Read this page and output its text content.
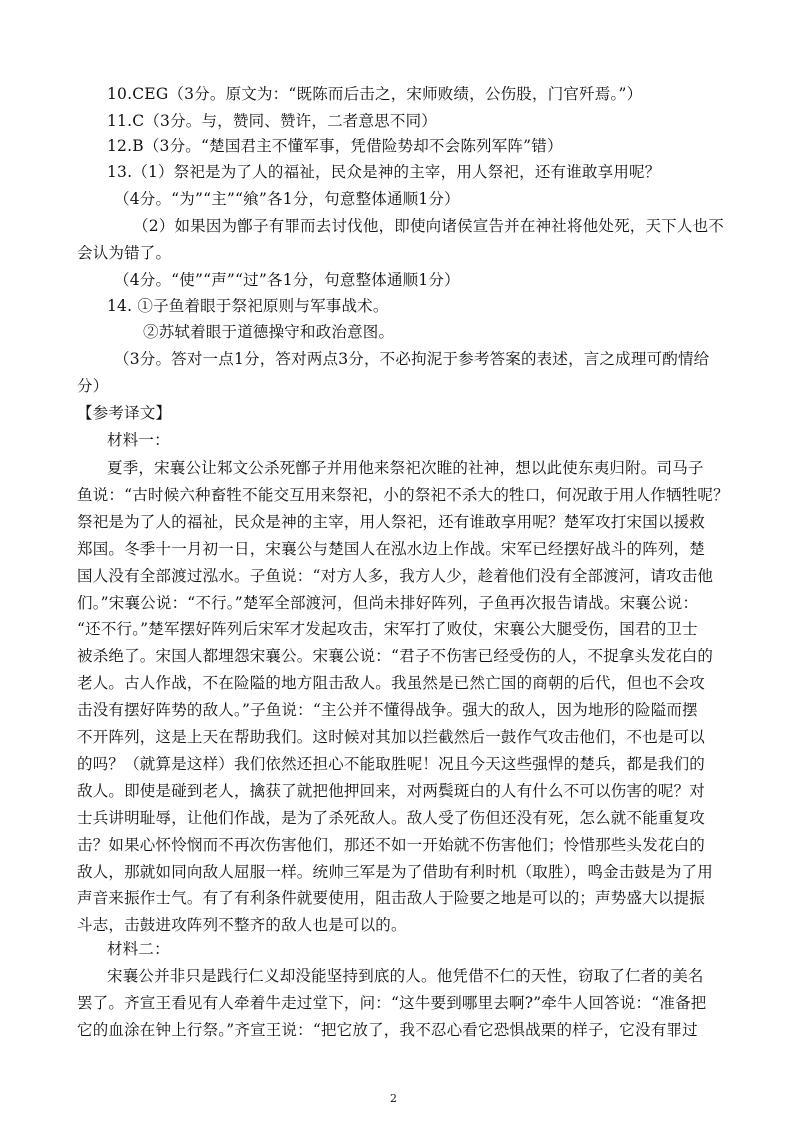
10.CEG（3分。原文为：“既陈而后击之，宋师败绩，公伤股，门官歼焉。”）
11.C（3分。与，赞同、赞许，二者意思不同）
12.B（3分。“楚国君主不懂军事，凭借险势却不会陈列军阵”错）
13.（1）祭祀是为了人的福祉，民众是神的主宰，用人祭祀，还有谁敢享用呢？
（4分。“为”“主”“飨”各1分，句意整体通顺1分）
（2）如果因为鄫子有罪而去讨伐他，即使向诸侯宣告并在神社将他处死，天下人也不
会认为错了。
（4分。“使”“声”“过”各1分，句意整体通顺1分）
14. ①子鱼着眼于祭祀原则与军事战术。
②苏轼着眼于道德操守和政治意图。
（3分。答对一点1分，答对两点3分，不必拘泥于参考答案的表述，言之成理可酌情给
分）
【参考译文】
材料一：
夏季，宋襄公让邾文公杀死鄫子并用他来祭祀次睢的社神，想以此使东夷归附。司马子
鱼说：“古时候六种畜牲不能交互用来祭祀，小的祭祀不杀大的牲口，何况敢于用人作牺牲呢？
祭祀是为了人的福祉，民众是神的主宰，用人祭祀，还有谁敢享用呢？楚军攻打宋国以援救
郑国。冬季十一月初一日，宋襄公与楚国人在泓水边上作战。宋军已经摆好战斗的阵列，楚
国人没有全部渡过泓水。子鱼说：“对方人多，我方人少，趁着他们没有全部渡河，请攻击他
们。”宋襄公说：“不行。”楚军全部渡河，但尚未排好阵列，子鱼再次报告请战。宋襄公说：
“还不行。”楚军摆好阵列后宋军才发起攻击，宋军打了败仗，宋襄公大腿受伤，国君的卫士
被杀绝了。宋国人都埋怨宋襄公。宋襄公说：“君子不伤害已经受伤的人，不捉拿头发花白的
老人。古人作战，不在险隘的地方阻击敌人。我虽然是已然亡国的商朝的后代，但也不会攻
击没有摆好阵势的敌人。”子鱼说：“主公并不懂得战争。强大的敌人，因为地形的险隘而摆
不开阵列，这是上天在帮助我们。这时候对其加以拦截然后一鼓作气攻击他们，不也是可以
的吗？（就算是这样）我们依然还担心不能取胜呢！况且今天这些强悍的楚兵，都是我们的
敌人。即使是碰到老人，擒获了就把他押回来，对两鬓斑白的人有什么不可以伤害的呢？对
士兵讲明耻辱，让他们作战，是为了杀死敌人。敌人受了伤但还没有死，怎么就不能重复攻
击？如果心怀怜悯而不再次伤害他们，那还不如一开始就不伤害他们；怜惜那些头发花白的
敌人，那就如同向敌人屈服一样。统帅三军是为了借助有利时机（取胜），鸣金击鼓是为了用
声音来振作士气。有了有利条件就要使用，阻击敌人于险要之地是可以的；声势盛大以提振
斗志，击鼓进攻阵列不整齐的敌人也是可以的。
材料二：
宋襄公并非只是践行仁义却没能坚持到底的人。他凭借不仁的天性，窃取了仁者的美名
罢了。齐宣王看见有人牵着牛走过堂下，问：“这牛要到哪里去啊?”牵牛人回答说：“准备把
它的血涂在钟上行祭。”齐宣王说：“把它放了，我不忍心看它恐惧战栗的样子，它没有罪过
2
